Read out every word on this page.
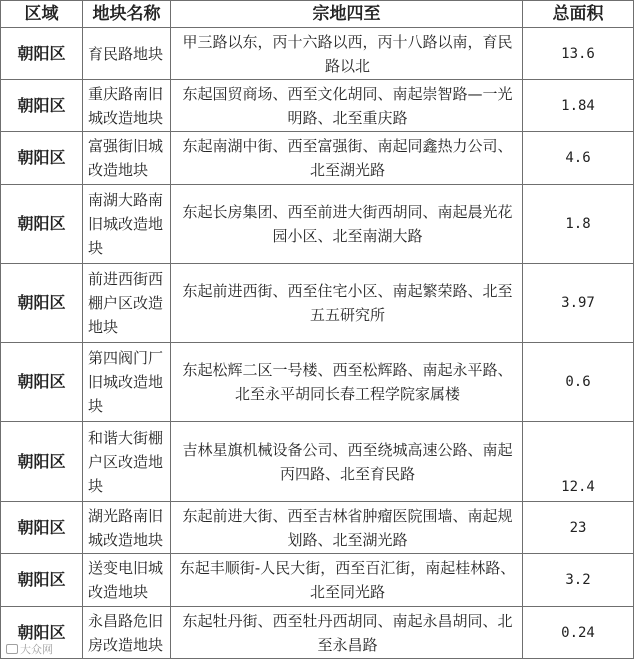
区域	地块名称	宗地四至	总面积
朝阳区	育民路地块	甲三路以东，丙十六路以西，丙十八路以南，育民路以北	13.6
朝阳区	重庆路南旧城改造地块	东起国贸商场、西至文化胡同、南起崇智路—一光明路、北至重庆路	1.84
朝阳区	富强街旧城改造地块	东起南湖中街、西至富强街、南起同鑫热力公司、北至湖光路	4.6
朝阳区	南湖大路南旧城改造地块	东起长房集团、西至前进大街西胡同、南起晨光花园小区、北至南湖大路	1.8
朝阳区	前进西街西棚户区改造地块	东起前进西街、西至住宅小区、南起繁荣路、北至五五研究所	3.97
朝阳区	第四阀门厂旧城改造地块	东起松辉二区一号楼、西至松辉路、南起永平路、北至永平胡同长春工程学院家属楼	0.6
朝阳区	和谐大街棚户区改造地块	吉林星旗机械设备公司、西至绕城高速公路、南起丙四路、北至育民路	12.4
朝阳区	湖光路南旧城改造地块	东起前进大街、西至吉林省肿瘤医院围墙、南起规划路、北至湖光路	23
朝阳区	送变电旧城改造地块	东起丰顺街-人民大街，西至百汇街，南起桂林路、北至同光路	3.2
朝阳区	永昌路危旧房改造地块	东起牡丹街、西至牡丹西胡同、南起永昌胡同、北至永昌路	0.24
大众网
